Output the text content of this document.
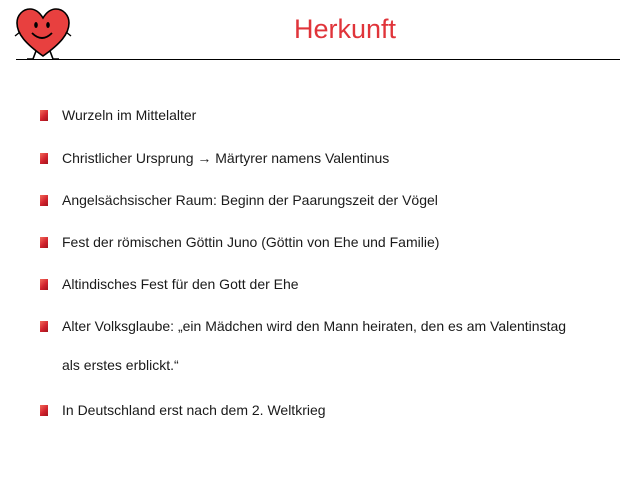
Herkunft
Wurzeln im Mittelalter
Christlicher Ursprung → Märtyrer namens Valentinus
Angelsächsischer Raum: Beginn der Paarungszeit der Vögel
Fest der römischen Göttin Juno (Göttin von Ehe und Familie)
Altindisches Fest für den Gott der Ehe
Alter Volksglaube: „ein Mädchen wird den Mann heiraten, den es am Valentinstag
als erstes erblickt.“
In Deutschland erst nach dem 2. Weltkrieg
